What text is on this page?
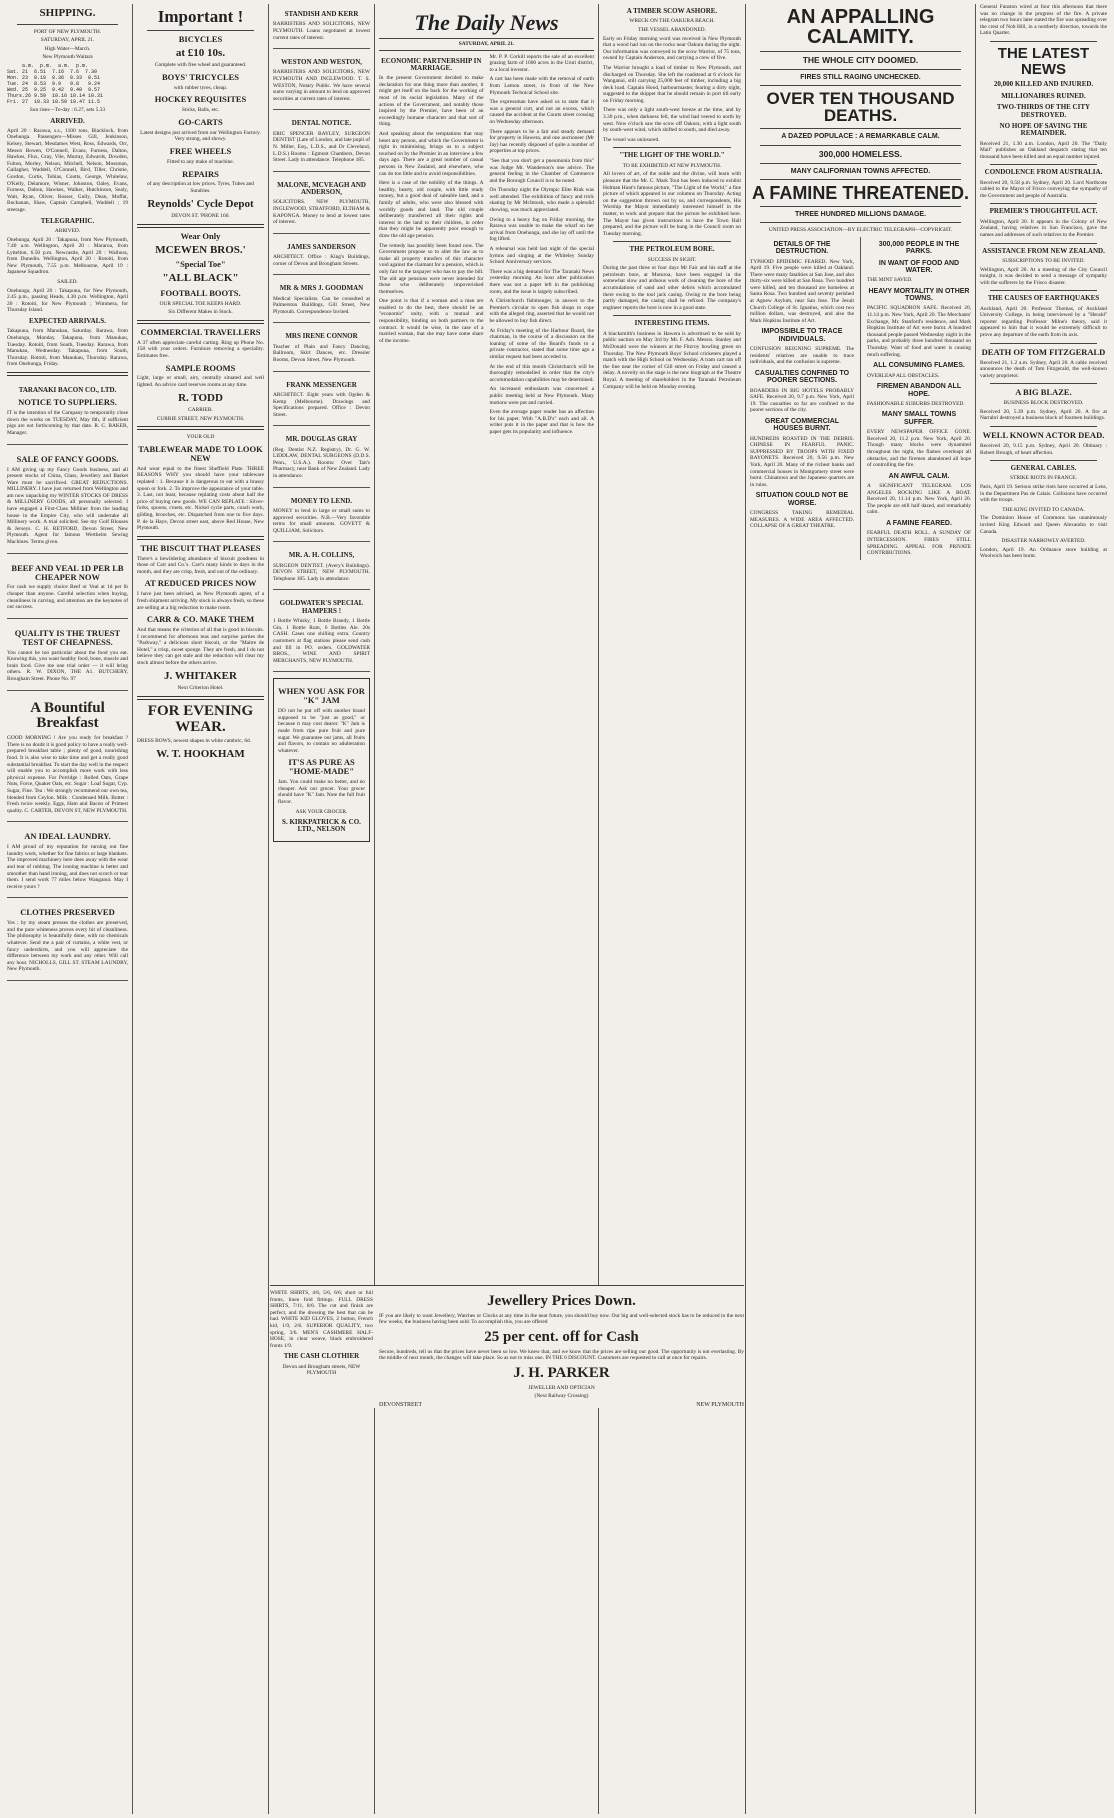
SHIPPING.
PORT OF NEW PLYMOUTH.
SATURDAY, APRIL 21.
High Water—March.
New Plymouth Waitara
a.m.  p.m.  a.m.  p.m.
Sat. 21  6.51  7.16  7.6  7.30
Mon. 23  8.18  8.36  8.33  8.51
Tue. 24  8.53  9.9   9.8   9.24
Wed. 25  9.25  9.42  9.40  9.57
Thurs.26 9.59  10.16 10.14 10.31
Fri. 27  10.33 10.50 10.47 11.5
Sun rises—To-day : 6.27, sets 5.33
ARRIVED.

April 20 : Rarawa, s.s., 1100 tons, Blacklock, from Onehunga. Passengers—Misses Gill, Jenkinson, Kelsey, Stewart, Mesdames West, Ross, Edwards, Orr, Messrs Bowen, O'Connell, Evans, Furness, Dalton, Hawkes, Flux, Gray, Vile, Murray, Edwards, Dowden, Fulton, Morley, Nelson, Mitchell, Nelson, Mossman, Gallagher, Waddell, O'Connell, Bird, Tiller, Christie, Gordon, Curtis, Tobias, Coutts, George, Whitelaw, O'Kelly, Delamore, Wisner, Johnston, Oaley, Evans, Furness, Dalton, Hawkes, Walker, Hutchinson, Sealy, Wait, Ryan, Oliver, Rosser, Gully, Dean, Moffat, Buchanan, Shaw, Captain Campbell, Waddell ; 19 steerage.

TELEGRAPHIC.
ARRIVED.

Onehunga, April 20 : Takapuna, from New Plymouth, 7.40 a.m. Wellington, April 20 : Mararoa, from Lyttelton, 6.50 p.m. Newcastle, April 20 : Waihora, from Dunedin. Wellington, April 20 : Rotoiti, from New Plymouth, 7.55 p.m. Melbourne, April 19 : Japanese Squadron.

SAILED.

Onehunga, April 20 : Takapuna, for New Plymouth, 2.45 p.m., passing Heads, 4.30 p.m. Wellington, April 20 : Rotoiti, for New Plymouth ; Wimmera, for Thursday Island.

EXPECTED ARRIVALS.

Takapuna, from Manukau, Saturday. Rarawa, from Onehunga, Monday. Takapuna, from Manukau, Tuesday. Rotoiti, from South, Tuesday. Rarawa, from Manukau, Wednesday. Takapuna, from South, Thursday. Rotoiti, from Manukau, Thursday. Rarawa, from Onehunga, Friday.

TARANAKI BACON CO., LTD.
NOTICE TO SUPPLIERS.

IT is the intention of the Company to temporarily close down the works on TUESDAY, May 8th, if sufficient pigs are not forthcoming by that date. R. C. BAKER, Manager.

SALE OF FANCY GOODS.

I AM giving up my Fancy Goods business, and all present stocks of China, Glass, Jewellery and Basket Ware must be sacrificed. GREAT REDUCTIONS. MILLINERY. I have just returned from Wellington and am now unpacking my WINTER STOCKS OF DRESS & MILLINERY GOODS, all personally selected. I have engaged a First-Class Milliner from the leading house in the Empire City, who will undertake all Millinery work. A trial solicited. See my Golf Blouses & Jerseys. C. H. RETFORD, Devon Street, New Plymouth. Agent for famous Wertheim Sewing Machines. Terms given.

BEEF AND VEAL 1D PER LB CHEAPER NOW

For cash we supply choice Beef or Veal at 1d per lb cheaper than anyone. Careful selection when buying, cleanliness in carving, and attention are the keynotes of our success.

QUALITY IS THE TRUEST TEST OF CHEAPNESS.

You cannot be too particular about the food you eat. Knowing this, you want healthy food, bone, muscle and brain food. Give me one trial order — it will bring others. R. W. DIXON, THE A1. BUTCHERY, Brougham Street. Phone No. 97

A Bountiful Breakfast

GOOD MORNING ! Are you ready for breakfast ? There is no doubt it is good policy to have a really well-prepared breakfast table ; plenty of good, nourishing food. It is also wise to take time and get a really good substantial breakfast. To start the day well in the respect will enable you to accomplish more work with less physical expense. For Porridge : Rolled Oats, Grape Nuts, Force, Quaker Oats, etc. Sugar : Loaf Sugar, Cyp. Sugar, Fine. Tea : We strongly recommend our own tea, blended from Ceylon. Milk : Condensed Milk. Butter : Fresh twice weekly. Eggs, Ham and Bacon of Primest quality. C. CARTER, DEVON ST, NEW PLYMOUTH.

AN IDEAL LAUNDRY.

I AM proud of my reputation for turning out fine laundry work, whether for fine fabrics or large blankets. The improved machinery here does away with the wear and tear of rubbing. The ironing machine is better and smoother than hand ironing, and does not scorch or tear them. I send work 77 miles below Wanganui. May I receive yours ?

CLOTHES PRESERVED

Yes ; by my steam presses the clothes are preserved, and the pure whiteness proves every bit of cleanliness. The philosophy is beautifully done, with no chemicals whatever. Send me a pair of curtains, a white vest, or fancy undershirts, and you will appreciate the difference between my work and any other. Will call any hour. NICHOLLS, GILL ST. STEAM LAUNDRY, New Plymouth.

Important !
BICYCLES
at £10 10s.
Complete with free wheel and guaranteed.
BOYS' TRICYCLES
with rubber tyres, cheap.
HOCKEY REQUISITES
Sticks, Balls, etc.
GO-CARTS
Latest designs just arrived from our Wellington Factory. Very strong, and showy.
FREE WHEELS
Fitted to any make of machine.
REPAIRS
of any description at low prices. Tyres, Tubes and Sundries.
Reynolds' Cycle Depot
DEVON ST. 'PHONE 160.
Wear Only
MCEWEN BROS.'
"Special Toe"
"ALL BLACK"
FOOTBALL BOOTS.
OUR SPECIAL TOE KEEPS HARD.
Six Different Makes in Stock.
COMMERCIAL TRAVELLERS

A 37 often appreciate careful carting. Ring up Phone No. 158 with your orders. Furniture removing a speciality. Estimates free.

SAMPLE ROOMS

Light, large or small, airy, centrally situated and well lighted. An advice card reserves rooms at any time.

R. TODD
CARRIER.
CURRIE STREET, NEW PLYMOUTH.
YOUR OLD
TABLEWEAR MADE TO LOOK NEW

And wear equal to the finest Sheffield Plate. THREE REASONS WHY you should have your tableware replated : 1. Because it is dangerous to eat with a brassy spoon or fork. 2. To improve the appearance of your table. 3. Last, not least, because replating costs about half the price of buying new goods. WE CAN REPLATE : Silver-forks, spoons, cruets, etc. Nickel cycle parts, coach work, gilding, brooches, etc. Dispatched from one to five days. P. de la Haye, Devon street east, above Red House, New Plymouth.

THE BISCUIT THAT PLEASES

There's a bewildering abundance of biscuit goodness in those of Carr and Co.'s. Carr's many kinds to days in the month, and they are crisp, fresh, and out of the ordinary.

AT REDUCED PRICES NOW

I have just been advised, as New Plymouth agent, of a fresh shipment arriving. My stock is always fresh, so these are selling at a big reduction to make room.

CARR & CO. MAKE THEM

And that means the criterion of all that is good in biscuits. I recommend for afternoon teas and surprise parties the "Parkway," a delicious short biscuit, or the "Maitre de Hotel," a crisp, sweet sponge. They are fresh, and I do not believe they can get stale and the reduction will clear my stock almost before the others arrive.

J. WHITAKER
Next Criterion Hotel.
FOR EVENING WEAR.

DRESS BOWS, newest shapes in white cambric, 6d.

W. T. HOOKHAM
STANDISH AND KERR

BARRISTERS AND SOLICITORS, NEW PLYMOUTH. Loans negotiated at lowest current rates of interest.

WESTON AND WESTON,

BARRISTERS AND SOLICITORS, NEW PLYMOUTH AND INGLEWOOD. T. S. WESTON, Notary Public. We have several sums varying in amount to lend on approved securities at current rates of interest.

DENTAL NOTICE.

ERIC SPENCER BAYLEY, SURGEON DENTIST (Late of London, and late pupil of N. Miller, Esq., L.D.S., and Dr Cleveland, L.D.S.) Rooms : Egmont Chambers, Devon Street. Lady in attendance. Telephone 185.

MALONE, MCVEAGH AND ANDERSON,

SOLICITORS. NEW PLYMOUTH, INGLEWOOD, STRATFORD, ELTHAM & KAPONGA. Money to lend at lowest rates of interest.

JAMES SANDERSON

ARCHITECT. Office : King's Buildings, corner of Devon and Brougham Streets.

MR & MRS J. GOODMAN

Medical Specialists. Can be consulted at Palmerston Buildings, Gill Street, New Plymouth. Correspondence Invited.

MRS IRENE CONNOR

Teacher of Plain and Fancy Dancing, Ballroom, Skirt Dances, etc. Dressler Rooms, Devon Street, New Plymouth.

FRANK MESSENGER

ARCHITECT. Eight years with Ogden & Kemp (Melbourne). Drawings and Specifications prepared. Office : Devon Street.

MR. DOUGLAS GRAY

(Reg. Dentist N.Z. Registry), Dr. G. W. LIDDLAW, DENTAL SURGEONS (D.D.S. Penn., U.S.A.). Rooms: Over Tait's Pharmacy, near Bank of New Zealand. Lady in attendance.

MONEY TO LEND.

MONEY to lend in large or small sums to approved securities. N.B.—Very favorable terms for small amounts. GOVETT & QUILLIAM, Solicitors.

MR. A. H. COLLINS,

SURGEON DENTIST. (Avery's Buildings). DEVON STREET, NEW PLYMOUTH. Telephone 185. Lady in attendance.

GOLDWATER'S SPECIAL HAMPERS !

1 Bottle Whisky, 1 Bottle Brandy, 1 Bottle Gin, 1 Bottle Rum, 6 Bottles Ale. 20s CASH. Cases one shilling extra. Country customers at flag stations please send cash and fill in PO. orders. GOLDWATER BROS., WINE AND SPIRIT MERCHANTS, NEW PLYMOUTH.

WHEN YOU ASK FOR "K" JAM

DO not be put off with another brand supposed to be "just as good," or because it may cost dearer. "K" Jam is made from ripe pure fruit and pure sugar. We guarantee our jams, all fruits and flavors, to contain no adulteration whatever.

IT'S AS PURE AS "HOME-MADE"

Jam. You could make no better, and no cheaper. Ask our grocer. Your grocer should have "K" Jam. Note the full fruit flavor.

ASK YOUR GROCER.
S. KIRKPATRICK & CO. LTD., NELSON
The Daily News
SATURDAY, APRIL 21.
ECONOMIC PARTNERSHIP IN MARRIAGE.

In the present Government decided to make declaration for one thing more than another, it might get itself on the back for the working of most of its social legislation. Many of the actions of the Government, and notably those inspired by the Premier, have been of an exceedingly humane character and that sort of thing.

And speaking about the temptations that may beset any person, and which the Government is right in minimising, brings us to a subject touched on by the Premier in an interview a few days ago. There are a great number of casual persons in New Zealand, and elsewhere, who can do too little and to avoid responsibilities.

Here is a case of the nobility of the things. A healthy, hearty, old couple, with little ready money, but a good deal of saleable land, and a family of adults, who were also blessed with worldly goods and land. The old couple deliberately transferred all their rights and interest in the land to their children, in order that they might be apparently poor enough to draw the old age pension.

The remedy has possibly been found now. The Government propose so to alter the law as to make all property transfers of this character void against the claimant for a pension, which is only fair to the taxpayer who has to pay the bill. The old age pensions were never intended for those who deliberately impoverished themselves.

One point is that if a woman and a man are enabled to do the best, there should be an "economic" unity, with a mutual and responsibility, binding on both partners to the contract. It would be wise, in the case of a married woman, that she may have some share of the income.

Mr. P. P. Corkill reports the sale of an excellent grazing farm of 1000 acres in the Uruti district, to a local investor.

A cart has been made with the removal of earth from Lemon street, in front of the New Plymouth Technical School site.

The expressman have asked us to state that it was a general curt, and not an excess, which caused the accident at the Courts street crossing on Wednesday afternoon.

There appears to be a fair and steady demand for property in Hawera, and one auctioneer (Mr Jay) has recently disposed of quite a number of properties at top prices.

"See that you don't get a pneumonia from this" was Judge Mr. Wanderson's one advice. The general feeling in the Chamber of Commerce and the Borough Council is to be noted.

On Thursday night the Olympic Elite Rink was well attended. The exhibition of fancy and trick skating by Mr McIntosh, who made a splendid showing, was much appreciated.

Owing to a heavy fog on Friday morning, the Rarawa was unable to make the wharf on her arrival from Onehunga, and she lay off until the fog lifted.

A rehearsal was held last night of the special hymns and singing at the Whiteley Sunday School Anniversary services.

There was a big demand for The Taranaki News yesterday morning. An hour after publication there was not a paper left in the publishing room, and the issue is largely subscribed.

A Christchurch fishmonger, in answer to the Premier's circular to open fish shops to cope with the alleged ring, asserted that he would not be allowed to buy fish direct.

At Friday's meeting of the Harbour Board, the chairman, in the course of a discussion on the loaning of some of the Board's funds to a private contractor, stated that some time ago a similar request had been acceded to.

At the end of this month Christchurch will be thoroughly remodelled in order that the city's accommodation capabilities may be determined.

An increased enthusiasm was concerned a public meeting held at New Plymouth. Many motions were put and carried.

Even the average paper reader has an affection for his paper. With "A.B.D's" each and all. A writer puts it in the paper and that is how the paper gets its popularity and influence.

A TIMBER SCOW ASHORE.
WRECK ON THE OAKURA BEACH.
THE VESSEL ABANDONED.

Early on Friday morning word was received in New Plymouth that a wood had run on the rocks near Oakura during the night. Our information was conveyed to the scow Warrior, of 75 tons, owned by Captain Anderson, and carrying a crew of five.

The Warrior brought a load of timber to New Plymouth, and discharged on Thursday. She left the roadstead at 6 o'clock for Wanganui, still carrying 25,000 feet of timber, including a big deck load. Captain Hood, harbourmaster, fearing a dirty night, suggested to the skipper that he should remain in port till early on Friday morning.

There was only a light south-west breeze at the time, and by 3.30 p.m., when darkness fell, the wind had veered to north by west. Now o'clock saw the scow off Oakura, with a light south by south-west wind, which shifted to south, and died away.

The vessel was uninsured.

"THE LIGHT OF THE WORLD."
TO BE EXHIBITED AT NEW PLYMOUTH.

All lovers of art, of the noble and the divine, will learn with pleasure that the Mr. C. Mark Tout has been induced to exhibit Holman Hunt's famous picture, "The Light of the World," a fine picture of which appeared in our columns on Thursday. Acting on the suggestion thrown out by us, and correspondents, His Worship the Mayor immediately interested himself in the matter, to work and prepare that the picture be exhibited here. The Mayor has given instructions to have the Town Hall prepared, and the picture will be hung in the Council room on Tuesday morning.

THE PETROLEUM BORE.
SUCCESS IN SIGHT.

During the past three or four days Mr Fair and his staff at the petroleum bore, at Moturoa, have been engaged in the somewhat slow and arduous work of cleaning the bore of the accumulations of sand and other debris which accumulated there owing to the tool jack casing. Owing to the bore being partly damaged, the casing shall be refixed. The company's engineer reports the bore is now in a good state.

INTERESTING ITEMS.

A blacksmith's business in Hawera is advertised to be sold by public auction on May 3rd by Mr. F. Ash. Messrs. Stanley and McDonald were the winners at the Fitzroy bowling green on Thursday. The New Plymouth Boys' School cricketers played a match with the High School on Wednesday. A tram cart ran off the line near the corner of Gill street on Friday and caused a delay. A novelty on the stage is the new biograph at the Theatre Royal. A meeting of shareholders in the Taranaki Petroleum Company will be held on Monday evening.

WHITE SHIRTS, 4/6, 5/6, 6/6; short or full fronts, linen fold fittings. FULL DRESS SHIRTS, 7/11, 8/6. The cut and finish are perfect, and the dressing the best that can be had. WHITE KID GLOVES, 2 button, French kid, 1/9, 2/6. SUPERIOR QUALITY, two spring, 3/6. MEN'S CASHMERE HALF-HOSE, in clear weave, black embroidered fronts 1/9.

THE CASH CLOTHIER
Devon and Brougham streets, NEW PLYMOUTH
Jewellery Prices Down.

IF you are likely to want Jewellery, Watches or Clocks at any time in the near future, you should buy now. Our big and well-selected stock has to be reduced in the next few weeks, the business having been sold. To accomplish this, you are offered

25 per cent. off for Cash

Secure, hundreds, tell us that the prices have never been so low. We knew that, and we know that the prices are selling our good. The opportunity is not everlasting. By the middle of next month, the changes will take place. So as not to miss one. IN THE 6 DISCOUNT. Customers are requested to call at once for repairs.

J. H. PARKER
JEWELLER AND OPTICIAN
(Next Railway Crossing)
DEVONSTREET	NEW PLYMOUTH
AN APPALLING CALAMITY.
THE WHOLE CITY DOOMED.
FIRES STILL RAGING UNCHECKED.
OVER TEN THOUSAND DEATHS.
A DAZED POPULACE : A REMARKABLE CALM.
300,000 HOMELESS.
MANY CALIFORNIAN TOWNS AFFECTED.
A FAMINE THREATENED.
THREE HUNDRED MILLIONS DAMAGE.
UNITED PRESS ASSOCIATION—BY ELECTRIC TELEGRAPH—COPYRIGHT.
DETAILS OF THE DESTRUCTION.

TYPHOID EPIDEMIC FEARED. New York, April 19. Five people were killed at Oakland. There were many fatalities at San Jose, and also thirty-six were killed at San Rosa. Two hundred were killed, and ten thousand are homeless at Santa Rosa. Two hundred and seventy perished at Agnew Asylum, near San Jose. The Jesuit Church College of St. Ignatius, which cost two million dollars, was destroyed, and also the Mark Hopkins Institute of Art.

IMPOSSIBLE TO TRACE INDIVIDUALS.

CONFUSION REIGNING SUPREME. The residents' relatives are unable to trace individuals, and the confusion is supreme.

CASUALTIES CONFINED TO POORER SECTIONS.

BOARDERS IN BIG HOTELS PROBABLY SAFE. Received 20, 9.7 p.m. New York, April 19. The casualties so far are confined to the poorer sections of the city.

GREAT COMMERCIAL HOUSES BURNT.

HUNDREDS ROASTED IN THE DEBRIS. CHINESE IN FEARFUL PANIC. SUPPRESSED BY TROOPS WITH FIXED BAYONETS. Received 20, 9.56 p.m. New York, April 20. Many of the richest banks and commercial houses in Montgomery street were burnt. Chinatown and the Japanese quarters are in ruins.

SITUATION COULD NOT BE WORSE.

CONGRESS TAKING REMEDIAL MEASURES. A WIDE AREA AFFECTED. COLLAPSE OF A GREAT THEATRE.

300,000 PEOPLE IN THE PARKS.

IN WANT OF FOOD AND WATER.

THE MINT SAVED.

HEAVY MORTALITY IN OTHER TOWNS.

PACIFIC SQUADRON SAFE. Received 20, 11.14 p.m. New York, April 20. The Merchants' Exchange, Mr. Stanford's residence, and Mark Hopkins Institute of Art were burnt. A hundred thousand people passed Wednesday night in the parks, and probably three hundred thousand on Thursday. Want of food and water is causing much suffering.

ALL CONSUMING FLAMES.

OVERLEAP ALL OBSTACLES.

FIREMEN ABANDON ALL HOPE.

FASHIONABLE SUBURBS DESTROYED.

MANY SMALL TOWNS SUFFER.

EVERY NEWSPAPER OFFICE GONE. Received 20, 11.2 p.m. New York, April 20. Though many blocks were dynamited throughout the night, the flames overleapt all obstacles, and the firemen abandoned all hope of controlling the fire.

AN AWFUL CALM.

A SIGNIFICANT TELEGRAM. LOS ANGELES ROCKING LIKE A BOAT. Received 20, 11.14 p.m. New York, April 20. The people are still half dazed, and remarkably calm.

A FAMINE FEARED.

FEARFUL DEATH ROLL. A SUNDAY OF INTERCESSION. FIRES STILL SPREADING. APPEAL FOR PRIVATE CONTRIBUTIONS.

General Funston wired at four this afternoon that there was no change in the progress of the fire. A private telegram two hours later stated the fire was spreading over the crest of Nob Hill, in a northerly direction, towards the Latin Quarter.

THE LATEST NEWS
20,000 KILLED AND INJURED.
MILLIONAIRES RUINED.
TWO-THIRDS OF THE CITY DESTROYED.
NO HOPE OF SAVING THE REMAINDER.

Received 21, 1.30 a.m. London, April 20. The "Daily Mail" publishes an Oakland despatch stating that ten thousand have been killed and an equal number injured.

CONDOLENCE FROM AUSTRALIA.

Received 20, 9.58 p.m. Sydney, April 20. Lord Northcote cabled to the Mayor of Frisco conveying the sympathy of the Government and people of Australia.

PREMIER'S THOUGHTFUL ACT.

Wellington, April 20. It appears in the Colony of New Zealand, having relatives in San Francisco, gave the names and addresses of such relatives to the Premier.

ASSISTANCE FROM NEW ZEALAND.
SUBSCRIPTIONS TO BE INVITED.

Wellington, April 20. At a meeting of the City Council tonight, it was decided to send a message of sympathy with the sufferers by the Frisco disaster.

THE CAUSES OF EARTHQUAKES

Auckland, April 20. Professor Thomas, of Auckland University College, in being interviewed by a "Herald" reporter regarding Professor Milne's theory, said it appeared to him that it would be extremely difficult to prove any departure of the earth from its axis.

DEATH OF TOM FITZGERALD

Received 21, 1.2 a.m. Sydney, April 20. A cable received announces the death of Tom Fitzgerald, the well-known variety proprietor.

A BIG BLAZE.
BUSINESS BLOCK DESTROYED.

Received 20, 5.39 p.m. Sydney, April 20. A fire at Narrabri destroyed a business block of fourteen buildings.

WELL KNOWN ACTOR DEAD.

Received 20, 9.15 p.m. Sydney, April 20. Obituary : Robert Brough, of heart affection.

GENERAL CABLES.
STRIKE RIOTS IN FRANCE.

Paris, April 19. Serious strike riots have occurred at Lens, in the Department Pas de Calais. Collisions have occurred with the troops.

THE KING INVITED TO CANADA.

The Dominion House of Commons has unanimously invited King Edward and Queen Alexandra to visit Canada.

DISASTER NARROWLY AVERTED.

London, April 19. An Ordnance store building at Woolwich has been burnt.
